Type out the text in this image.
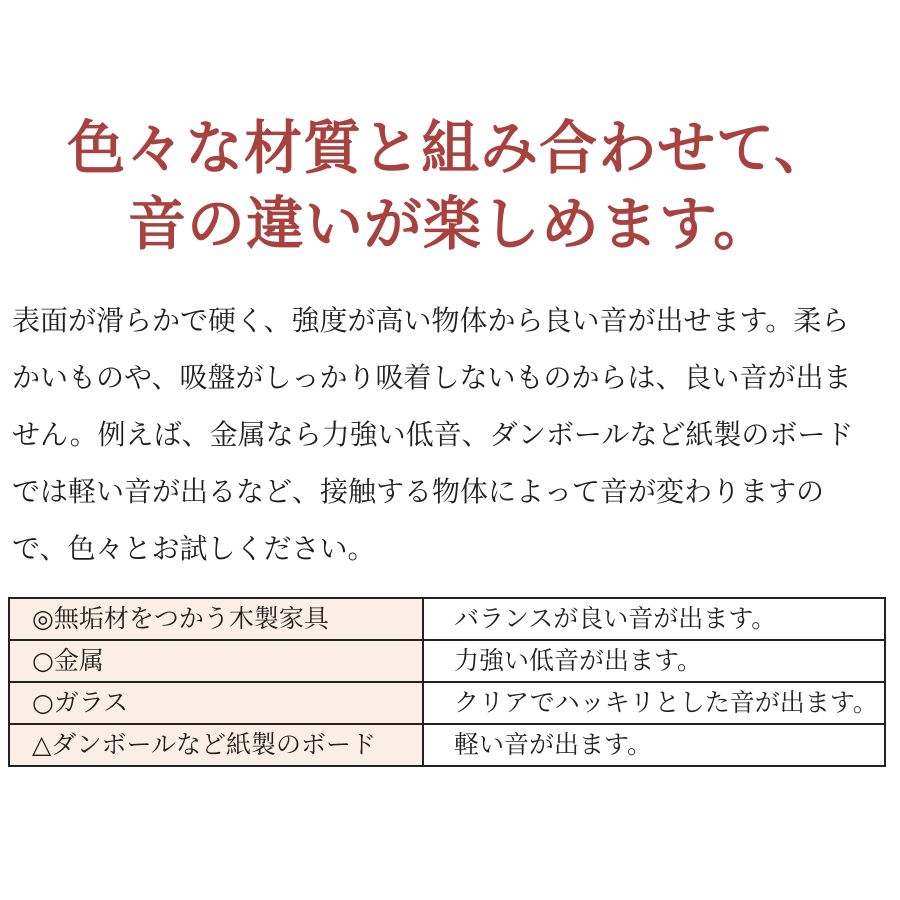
色々な材質と組み合わせて、
音の違いが楽しめます。
表面が滑らかで硬く、強度が高い物体から良い音が出せます。柔ら
かいものや、吸盤がしっかり吸着しないものからは、良い音が出ま
せん。例えば、金属なら力強い低音、ダンボールなど紙製のボード
では軽い音が出るなど、接触する物体によって音が変わりますの
で、色々とお試しください。
◎無垢材をつかう木製家具	バランスが良い音が出ます。
○金属	力強い低音が出ます。
○ガラス	クリアでハッキリとした音が出ます。
△ダンボールなど紙製のボード	軽い音が出ます。
